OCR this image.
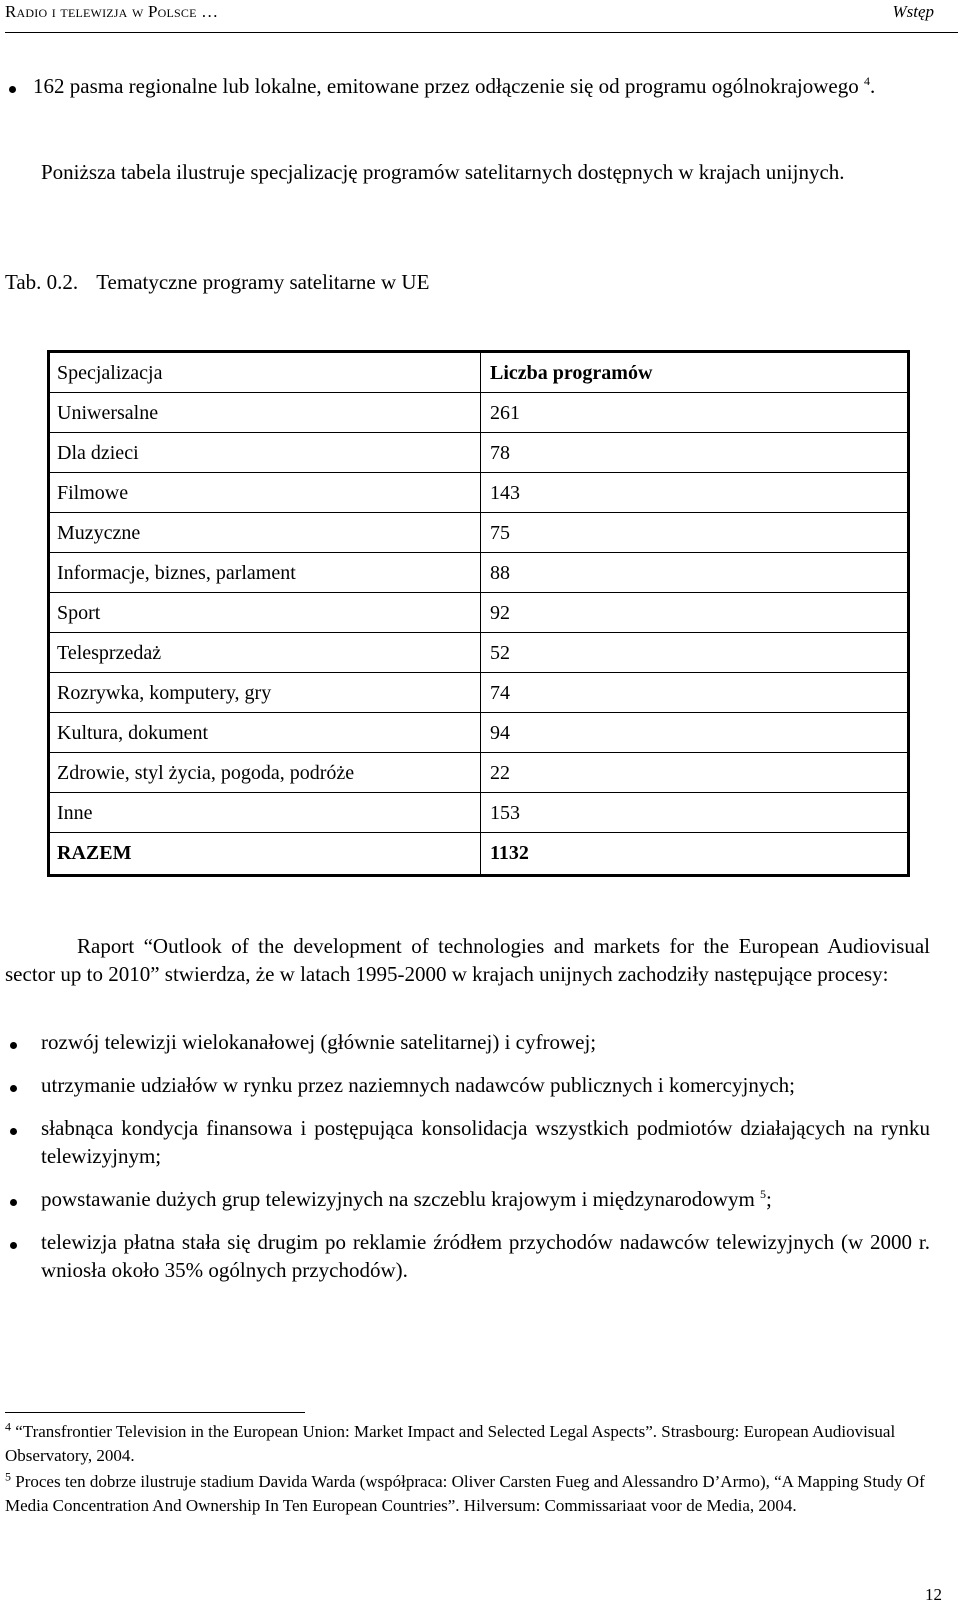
Radio i telewizja w Polsce …	Wstęp
162 pasma regionalne lub lokalne, emitowane przez odłączenie się od programu ogólnokrajowego $^4$.
Poniższa tabela ilustruje specjalizację programów satelitarnych dostępnych w krajach unijnych.
Tab. 0.2. Tematyczne programy satelitarne w UE
Specjalizacja	Liczba programów
Uniwersalne	261
Dla dzieci	78
Filmowe	143
Muzyczne	75
Informacje, biznes, parlament	88
Sport	92
Telesprzedaż	52
Rozrywka, komputery, gry	74
Kultura, dokument	94
Zdrowie, styl życia, pogoda, podróże	22
Inne	153
RAZEM	1132
Raport “Outlook of the development of technologies and markets for the European Audiovisual sector up to 2010” stwierdza, że w latach 1995-2000 w krajach unijnych zachodziły następujące procesy:
rozwój telewizji wielokanałowej (głównie satelitarnej) i cyfrowej;
utrzymanie udziałów w rynku przez naziemnych nadawców publicznych i komercyjnych;
słabnąca kondycja finansowa i postępująca konsolidacja wszystkich podmiotów działających na rynku telewizyjnym;
powstawanie dużych grup telewizyjnych na szczeblu krajowym i międzynarodowym $^5$;
telewizja płatna stała się drugim po reklamie źródłem przychodów nadawców telewizyjnych (w 2000 r. wniosła około 35% ogólnych przychodów).
$^4$ “Transfrontier Television in the European Union: Market Impact and Selected Legal Aspects”. Strasbourg: European Audiovisual Observatory, 2004.
$^5$ Proces ten dobrze ilustruje stadium Davida Warda (współpraca: Oliver Carsten Fueg and Alessandro D’Armo), “A Mapping Study Of Media Concentration And Ownership In Ten European Countries”. Hilversum: Commissariaat voor de Media, 2004.
12
